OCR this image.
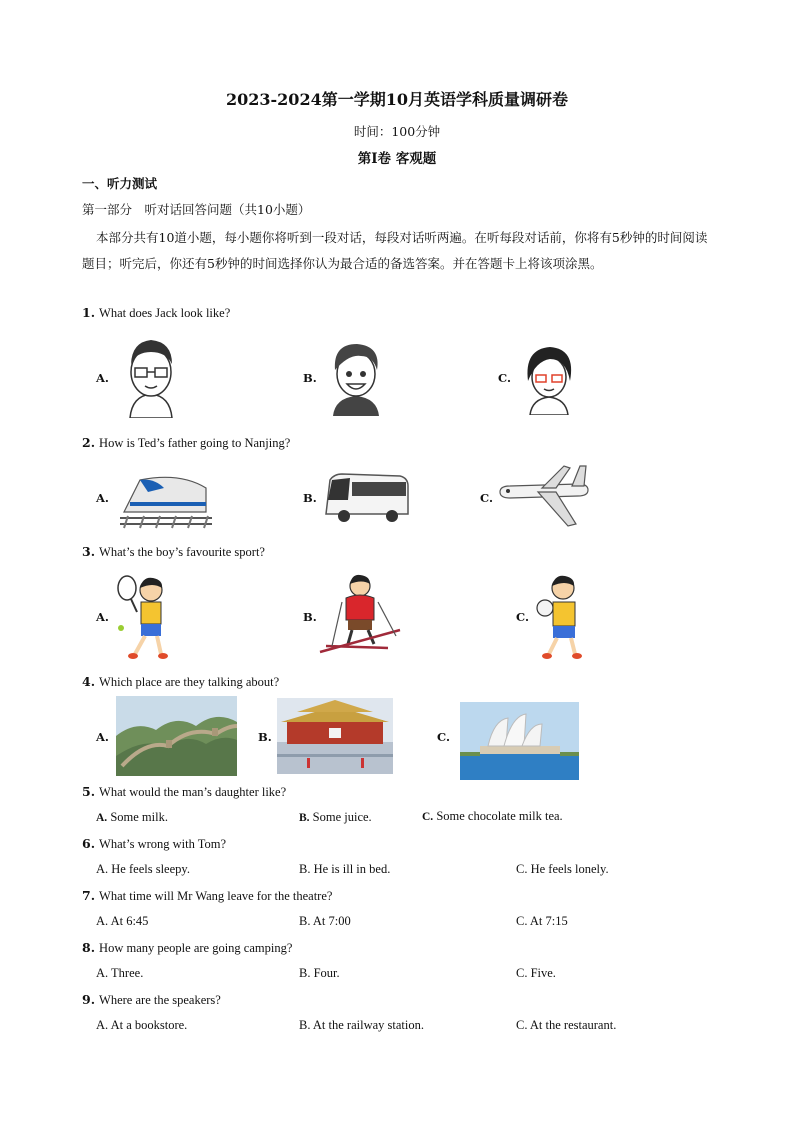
2023-2024第一学期10月英语学科质量调研卷
时间：100分钟
第Ⅰ卷 客观题
一、听力测试
第一部分　听对话回答问题（共10小题）
本部分共有10道小题，每小题你将听到一段对话，每段对话听两遍。在听每段对话前，你将有5秒钟的时间阅读题目；听完后，你还有5秒钟的时间选择你认为最合适的备选答案。并在答题卡上将该项涂黑。
1. What does Jack look like?
A.	B.	C.
2. How is Ted’s father going to Nanjing?
A.	B.	C.
3. What’s the boy’s favourite sport?
A.	B.	C.
4. Which place are they talking about?
A.	B.	C.
5. What would the man’s daughter like?
A. Some milk.	B. Some juice.	C. Some chocolate milk tea.
6. What’s wrong with Tom?
A. He feels sleepy.	B. He is ill in bed.	C. He feels lonely.
7. What time will Mr Wang leave for the theatre?
A. At 6:45	B. At 7:00	C. At 7:15
8. How many people are going camping?
A. Three.	B. Four.	C. Five.
9. Where are the speakers?
A. At a bookstore.	B. At the railway station.	C. At the restaurant.
